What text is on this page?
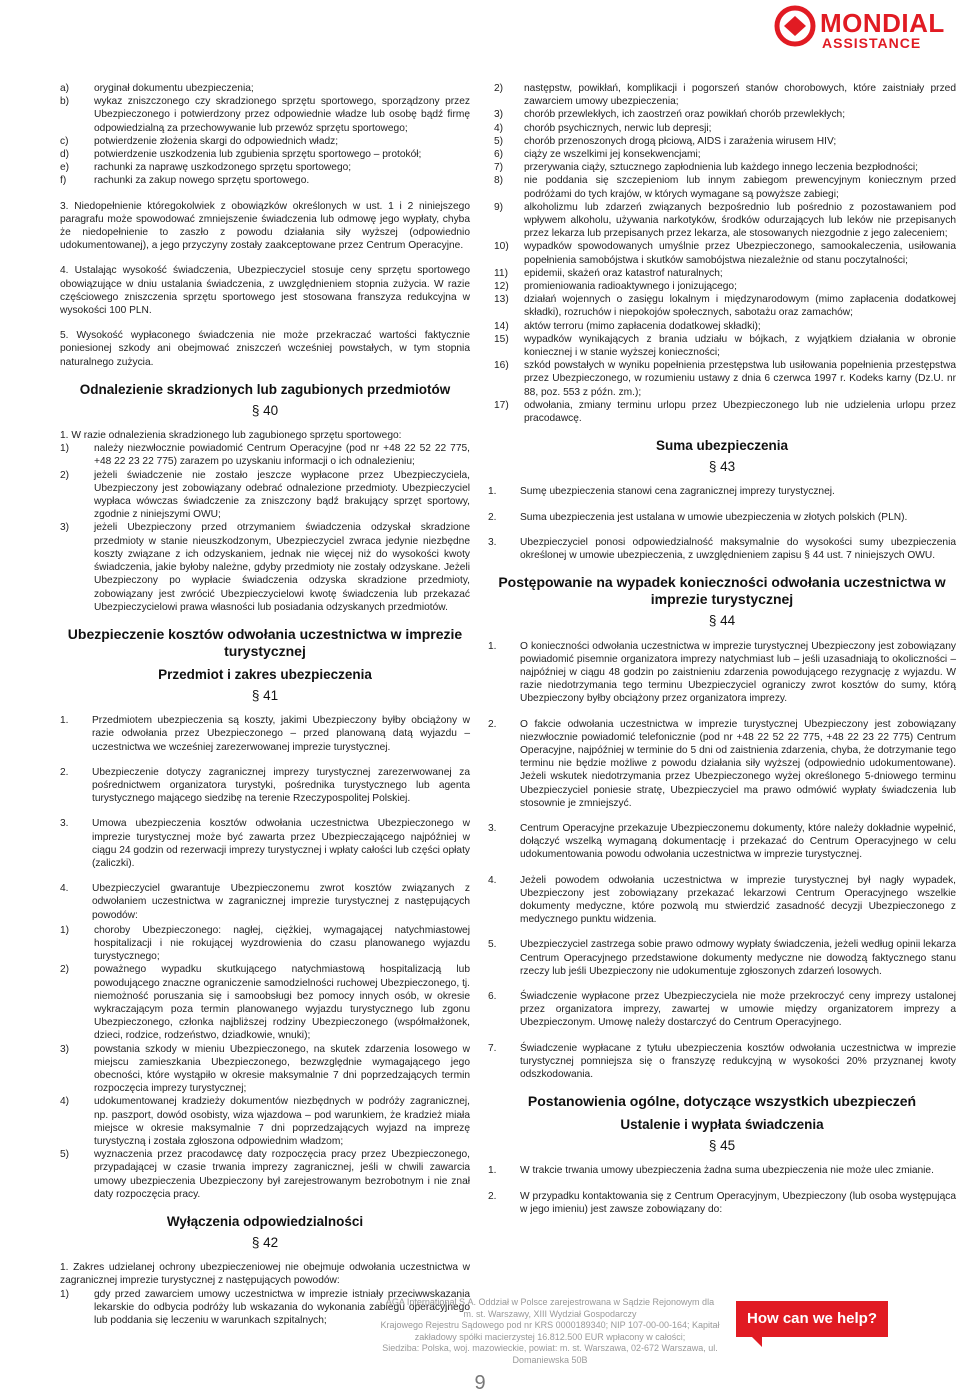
MONDIAL
ASSISTANCE
a) oryginał dokumentu ubezpieczenia;
b) wykaz zniszczonego czy skradzionego sprzętu sportowego, sporządzony przez Ubezpieczonego i potwierdzony przez odpowiednie władze lub osobę bądź firmę odpowiedzialną za przechowywanie lub przewóz sprzętu sportowego;
c)	potwierdzenie złożenia skargi do odpowiednich władz;
d) potwierdzenie uszkodzenia lub zgubienia sprzętu sportowego – protokół;
e) rachunki za naprawę uszkodzonego sprzętu sportowego;
f)	rachunki za zakup nowego sprzętu sportowego.

3. Niedopełnienie któregokolwiek z obowiązków określonych w ust. 1 i 2 niniejszego paragrafu może spowodować zmniejszenie świadczenia lub odmowę jego wypłaty, chyba że niedopełnienie to zaszło z powodu działania siły wyższej (odpowiednio udokumentowanej), a jego przyczyny zostały zaakceptowane przez Centrum Operacyjne.

4. Ustalając wysokość świadczenia, Ubezpieczyciel stosuje ceny sprzętu sportowego obowiązujące w dniu ustalania świadczenia, z uwzględnieniem stopnia zużycia. W razie częściowego zniszczenia sprzętu sportowego jest stosowana franszyza redukcyjna w wysokości 100 PLN.

5. Wysokość wypłaconego świadczenia nie może przekraczać wartości faktycznie poniesionej szkody ani obejmować zniszczeń wcześniej powstałych, w tym stopnia naturalnego zużycia.

Odnalezienie skradzionych lub zagubionych przedmiotów
§ 40
1. W razie odnalezienia skradzionego lub zagubionego sprzętu sportowego:
1) należy niezwłocznie powiadomić Centrum Operacyjne (pod nr +48 22 52 22 775, +48 22 23 22 775) zarazem po uzyskaniu informacji o ich odnalezieniu;
2) jeżeli świadczenie nie zostało jeszcze wypłacone przez Ubezpieczyciela, Ubezpieczony jest zobowiązany odebrać odnalezione przedmioty. Ubezpieczyciel wypłaca wówczas świadczenie za zniszczony bądź brakujący sprzęt sportowy, zgodnie z niniejszymi OWU;
3) jeżeli Ubezpieczony przed otrzymaniem świadczenia odzyskał skradzione przedmioty w stanie nieuszkodzonym, Ubezpieczyciel zwraca jedynie niezbędne koszty związane z ich odzyskaniem, jednak nie więcej niż do wysokości kwoty świadczenia, jakie byłoby należne, gdyby przedmioty nie zostały odzyskane. Jeżeli Ubezpieczony po wypłacie świadczenia odzyska skradzione przedmioty, zobowiązany jest zwrócić Ubezpieczycielowi kwotę świadczenia lub przekazać Ubezpieczycielowi prawa własności lub posiadania odzyskanych przedmiotów.
Ubezpieczenie kosztów odwołania uczestnictwa w imprezie turystycznej
Przedmiot i zakres ubezpieczenia
§ 41
1. Przedmiotem ubezpieczenia są koszty, jakimi Ubezpieczony byłby obciążony w razie odwołania przez Ubezpieczonego – przed planowaną datą wyjazdu – uczestnictwa we wcześniej zarezerwowanej imprezie turystycznej.
2. Ubezpieczenie dotyczy zagranicznej imprezy turystycznej zarezerwowanej za pośrednictwem organizatora turystyki, pośrednika turystycznego lub agenta turystycznego mającego siedzibę na terenie Rzeczypospolitej Polskiej.
3. Umowa ubezpieczenia kosztów odwołania uczestnictwa Ubezpieczonego w imprezie turystycznej może być zawarta przez Ubezpieczającego najpóźniej w ciągu 24 godzin od rezerwacji imprezy turystycznej i wpłaty całości lub części opłaty (zaliczki).
4. Ubezpieczyciel gwarantuje Ubezpieczonemu zwrot kosztów związanych z odwołaniem uczestnictwa w zagranicznej imprezie turystycznej z następujących powodów:
1) choroby Ubezpieczonego: nagłej, ciężkiej, wymagającej natychmiastowej hospitalizacji i nie rokującej wyzdrowienia do czasu planowanego wyjazdu turystycznego;
2) poważnego wypadku skutkującego natychmiastową hospitalizacją lub powodującego znaczne ograniczenie samodzielności ruchowej Ubezpieczonego, tj. niemożność poruszania się i samoobsługi bez pomocy innych osób, w okresie wykraczającym poza termin planowanego wyjazdu turystycznego lub zgonu Ubezpieczonego, członka najbliższej rodziny Ubezpieczonego (współmałżonek, dzieci, rodzice, rodzeństwo, dziadkowie, wnuki);
3) powstania szkody w mieniu Ubezpieczonego, na skutek zdarzenia losowego w miejscu zamieszkania Ubezpieczonego, bezwzględnie wymagającego jego obecności, które wystąpiło w okresie maksymalnie 7 dni poprzedzających termin rozpoczęcia imprezy turystycznej;
4) udokumentowanej kradzieży dokumentów niezbędnych w podróży zagranicznej, np. paszport, dowód osobisty, wiza wjazdowa – pod warunkiem, że kradzież miała miejsce w okresie maksymalnie 7 dni poprzedzających wyjazd na imprezę turystyczną i została zgłoszona odpowiednim władzom;
5) wyznaczenia przez pracodawcę daty rozpoczęcia pracy przez Ubezpieczonego, przypadającej w czasie trwania imprezy zagranicznej, jeśli w chwili zawarcia umowy ubezpieczenia Ubezpieczony był zarejestrowanym bezrobotnym i nie znał daty rozpoczęcia pracy.
Wyłączenia odpowiedzialności
§ 42
1. Zakres udzielanej ochrony ubezpieczeniowej nie obejmuje odwołania uczestnictwa w zagranicznej imprezie turystycznej z następujących powodów:
1) gdy przed zawarciem umowy uczestnictwa w imprezie istniały przeciwwskazania lekarskie do odbycia podróży lub wskazania do wykonania zabiegu operacyjnego lub poddania się leczeniu w warunkach szpitalnych;
2) następstw, powikłań, komplikacji i pogorszeń stanów chorobowych, które zaistniały przed zawarciem umowy ubezpieczenia;
3) chorób przewlekłych, ich zaostrzeń oraz powikłań chorób przewlekłych;
4) chorób psychicznych, nerwic lub depresji;
5) chorób przenoszonych drogą płciową, AIDS i zarażenia wirusem HIV;
6) ciąży ze wszelkimi jej konsekwencjami;
7) przerywania ciąży, sztucznego zapłodnienia lub każdego innego leczenia bezpłodności;
8) nie poddania się szczepieniom lub innym zabiegom prewencyjnym koniecznym przed podróżami do tych krajów, w których wymagane są powyższe zabiegi;
9) alkoholizmu lub zdarzeń związanych bezpośrednio lub pośrednio z pozostawaniem pod wpływem alkoholu, używania narkotyków, środków odurzających lub leków nie przepisanych przez lekarza lub przepisanych przez lekarza, ale stosowanych niezgodnie z jego zaleceniem;
10) wypadków spowodowanych umyślnie przez Ubezpieczonego, samookaleczenia, usiłowania popełnienia samobójstwa i skutków samobójstwa niezależnie od stanu poczytalności;
11) epidemii, skażeń oraz katastrof naturalnych;
12) promieniowania radioaktywnego i jonizującego;
13) działań wojennych o zasięgu lokalnym i międzynarodowym (mimo zapłacenia dodatkowej składki), rozruchów i niepokojów społecznych, sabotażu oraz zamachów;
14) aktów terroru (mimo zapłacenia dodatkowej składki);
15) wypadków wynikających z brania udziału w bójkach, z wyjątkiem działania w obronie koniecznej i w stanie wyższej konieczności;
16) szkód powstałych w wyniku popełnienia przestępstwa lub usiłowania popełnienia przestępstwa przez Ubezpieczonego, w rozumieniu ustawy z dnia 6 czerwca 1997 r. Kodeks karny (Dz.U. nr 88, poz. 553 z późn. zm.);
17) odwołania, zmiany terminu urlopu przez Ubezpieczonego lub nie udzielenia urlopu przez pracodawcę.
Suma ubezpieczenia
§ 43
1. Sumę ubezpieczenia stanowi cena zagranicznej imprezy turystycznej.
2. Suma ubezpieczenia jest ustalana w umowie ubezpieczenia w złotych polskich (PLN).
3. Ubezpieczyciel ponosi odpowiedzialność maksymalnie do wysokości sumy ubezpieczenia określonej w umowie ubezpieczenia, z uwzględnieniem zapisu § 44 ust. 7 niniejszych OWU.
Postępowanie na wypadek konieczności odwołania uczestnictwa w imprezie turystycznej
§ 44
1. O konieczności odwołania uczestnictwa w imprezie turystycznej Ubezpieczony jest zobowiązany powiadomić pisemnie organizatora imprezy natychmiast lub – jeśli uzasadniają to okoliczności – najpóźniej w ciągu 48 godzin po zaistnieniu zdarzenia powodującego rezygnację z wyjazdu. W razie niedotrzymania tego terminu Ubezpieczyciel ograniczy zwrot kosztów do sumy, którą Ubezpieczony byłby obciążony przez organizatora imprezy.
2. O fakcie odwołania uczestnictwa w imprezie turystycznej Ubezpieczony jest zobowiązany niezwłocznie powiadomić telefonicznie (pod nr +48 22 52 22 775, +48 22 23 22 775) Centrum Operacyjne, najpóźniej w terminie do 5 dni od zaistnienia zdarzenia, chyba, że dotrzymanie tego terminu nie będzie możliwe z powodu działania siły wyższej (odpowiednio udokumentowane). Jeżeli wskutek niedotrzymania przez Ubezpieczonego wyżej określonego 5-dniowego terminu Ubezpieczyciel poniesie stratę, Ubezpieczyciel ma prawo odmówić wypłaty świadczenia lub stosownie je zmniejszyć.
3. Centrum Operacyjne przekazuje Ubezpieczonemu dokumenty, które należy dokładnie wypełnić, dołączyć wszelką wymaganą dokumentację i przekazać do Centrum Operacyjnego w celu udokumentowania powodu odwołania uczestnictwa w imprezie turystycznej.
4. Jeżeli powodem odwołania uczestnictwa w imprezie turystycznej był nagły wypadek, Ubezpieczony jest zobowiązany przekazać lekarzowi Centrum Operacyjnego wszelkie dokumenty medyczne, które pozwolą mu stwierdzić zasadność decyzji Ubezpieczonego z medycznego punktu widzenia.
5. Ubezpieczyciel zastrzega sobie prawo odmowy wypłaty świadczenia, jeżeli według opinii lekarza Centrum Operacyjnego przedstawione dokumenty medyczne nie dowodzą faktycznego stanu rzeczy lub jeśli Ubezpieczony nie udokumentuje zgłoszonych zdarzeń losowych.
6. Świadczenie wypłacone przez Ubezpieczyciela nie może przekroczyć ceny imprezy ustalonej przez organizatora imprezy, zawartej w umowie między organizatorem imprezy a Ubezpieczonym. Umowę należy dostarczyć do Centrum Operacyjnego.
7. Świadczenie wypłacane z tytułu ubezpieczenia kosztów odwołania uczestnictwa w imprezie turystycznej pomniejsza się o franszyzę redukcyjną w wysokości 20% przyznanej kwoty odszkodowania.
Postanowienia ogólne, dotyczące wszystkich ubezpieczeń
Ustalenie i wypłata świadczenia
§ 45
1. W trakcie trwania umowy ubezpieczenia żadna suma ubezpieczenia nie może ulec zmianie.
2. W przypadku kontaktowania się z Centrum Operacyjnym, Ubezpieczony (lub osoba występująca w jego imieniu) jest zawsze zobowiązany do:
AGA International S.A. Oddział w Polsce zarejestrowana w Sądzie Rejonowym dla m. st. Warszawy, XIII Wydział Gospodarczy
Krajowego Rejestru Sądowego pod nr KRS 0000189340; NIP 107-00-00-164; Kapitał zakładowy spółki macierzystej 16.812.500 EUR wpłacony w całości;
Siedziba: Polska, woj. mazowieckie, powiat: m. st. Warszawa, 02-672 Warszawa, ul. Domaniewska 50B
How can we help?
9
